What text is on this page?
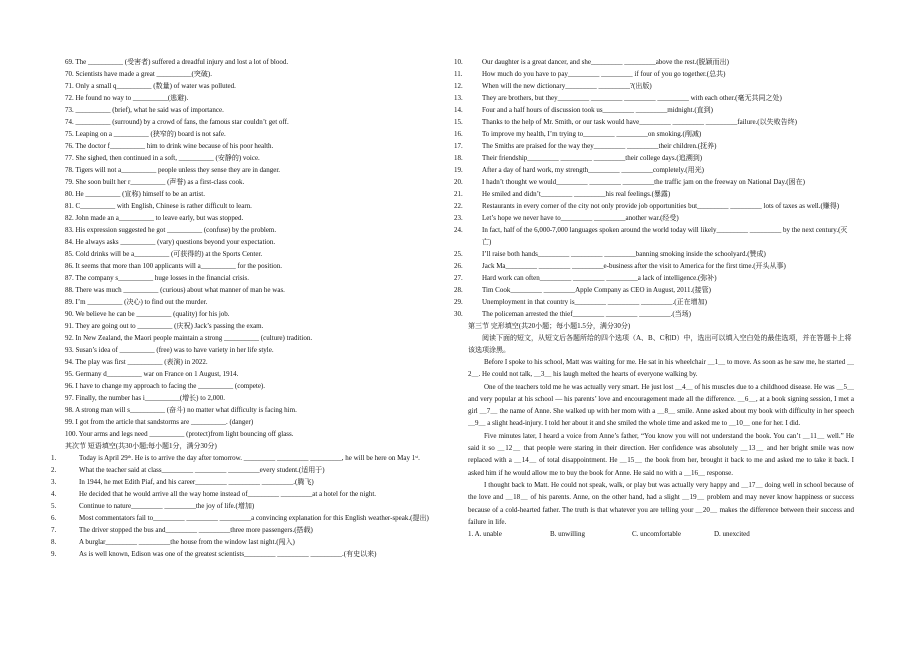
69. The __________ (受害者) suffered a dreadful injury and lost a lot of blood.
70. Scientists have made a great __________(突破).
71. Only a small q__________ (数量) of water was polluted.
72. He found no way to __________(逃避).
73. __________ (brief), what he said was of importance.
74. __________ (surround) by a crowd of fans, the famous star couldn’t get off.
75. Leaping on a __________ (狭窄的) board is not safe.
76. The doctor f__________ him to drink wine because of his poor health.
77. She sighed, then continued in a soft, __________ (安静的) voice.
78. Tigers will not a__________ people unless they sense they are in danger.
79. She soon built her r__________ (声誉) as a first-class cook.
80. He __________ (宣称) himself to be an artist.
81. C__________ with English, Chinese is rather difficult to learn.
82. John made an a__________ to leave early, but was stopped.
83. His expression suggested he got __________ (confuse) by the problem.
84. He always asks __________ (vary) questions beyond your expectation.
85. Cold drinks will be a__________ (可获得的) at the Sports Center.
86. It seems that more than 100 applicants will a__________ for the position.
87. The company s__________ huge losses in the financial crisis.
88. There was much __________ (curious) about what manner of man he was.
89. I’m __________ (决心) to find out the murder.
90. We believe he can be __________ (quality) for his job.
91. They are going out to __________ (庆祝) Jack’s passing the exam.
92. In New Zealand, the Maori people maintain a strong __________ (culture) tradition.
93. Susan’s idea of __________ (free) was to have variety in her life style.
94. The play was first __________ (表演) in 2022.
95. Germany d__________ war on France on 1 August, 1914.
96. I have to change my approach to facing the __________ (compete).
97. Finally, the number has i__________(增长) to 2,000.
98. A strong man will s__________ (奋斗) no matter what difficulty is facing him.
99. I got from the article that sandstorms are __________. (danger)
100. Your arms and legs need __________ (protect)from light bouncing off glass.
其次节 短语填空(共30小题;每小题1分，满分30分)
1.	Today is April 29ᵗʰ. He is to arrive the day after tomorrow. _________ _________ _________, he will be here on May 1ˢᵗ.
2.	What the teacher said at class_________ _________ _________every student.(适用于)
3.	In 1944, he met Edith Piaf, and his career_________ _________ _________.(腾飞)
4.	He decided that he would arrive all the way home instead of_________ _________at a hotel for the night.
5.	Continue to nature_________ _________the joy of life.(增加)
6.	Most commentators fail to_________ _________ _________a convincing explanation for this English weather-speak.(提出)
7.	The driver stopped the bus and_________ _________three more passengers.(搭载)
8.	A burglar_________ _________the house from the window last night.(闯入)
9.	As is well known, Edison was one of the greatest scientists_________ _________ _________.(有史以来)
10.	Our daughter is a great dancer, and she_________ _________above the rest.(脱颖而出)
11.	How much do you have to pay_________ _________ if four of you go together.(总共)
12.	When will the new dictionary_________ _________?(出版)
13.	They are brothers, but they_________ _________ _________ _________ with each other.(毫无共同之处)
14.	Four and a half hours of discussion took us_________ _________midnight.(直到)
15.	Thanks to the help of Mr. Smith, or our task would have_________ _________ _________failure.(以失败告终)
16.	To improve my health, I’m trying to_________ _________on smoking.(削减)
17.	The Smiths are praised for the way they_________ _________their children.(抚养)
18.	Their friendship_________ _________ _________their college days.(追溯到)
19.	After a day of hard work, my strength_________ _________completely.(用光)
20.	I hadn’t thought we would_________ _________ _________the traffic jam on the freeway on National Day.(困在)
21.	He smiled and didn’t_________ _________his real feelings.(暴露)
22.	Restaurants in every corner of the city not only provide job opportunities but_________ _________ lots of taxes as well.(赚得)
23.	Let’s hope we never have to_________ _________another war.(经受)
24.	In fact, half of the 6,000-7,000 languages spoken around the world today will likely_________ _________ by the next century.(灭亡)
25.	I’ll raise both hands_________ _________ _________banning smoking inside the schoolyard.(赞成)
26.	Jack Ma_________ _________ _________e-business after the visit to America for the first time.(开头从事)
27.	Hard work can often_________ _________ _________a lack of intelligence.(弥补)
28.	Tim Cook_________ _________Apple Company as CEO in August, 2011.(接管)
29.	Unemployment in that country is_________ _________ _________.(正在增加)
30.	The policeman arrested the thief_________ _________ _________.(当场)
第三节 完形填空(共20小题；每小题1.5分，满分30分)
阅读下面的短文，从短文后各题所给的四个选项（A、B、C和D）中，选出可以填入空白处的最佳选项，并在答题卡上将该选项涂黑。
Before I spoke to his school, Matt was waiting for me. He sat in his wheelchair ＿1＿ to move. As soon as he saw me, he started ＿2＿. He could not talk, ＿3＿ his laugh melted the hearts of everyone walking by.
One of the teachers told me he was actually very smart. He just lost ＿4＿ of his muscles due to a childhood disease. He was ＿5＿ and very popular at his school — his parents’ love and encouragement made all the difference. ＿6＿, at a book signing session, I met a girl ＿7＿ the name of Anne. She walked up with her mom with a ＿8＿ smile. Anne asked about my book with difficulty in her speech ＿9＿ a slight head-injury. I told her about it and she smiled the whole time and asked me to ＿10＿ one for her. I did.
Five minutes later, I heard a voice from Anne’s father, “You know you will not understand the book. You can’t ＿11＿ well.” He said it so ＿12＿ that people were staring in their direction. Her confidence was absolutely ＿13＿ and her bright smile was now replaced with a ＿14＿ of total disappointment. He ＿15＿ the book from her, brought it back to me and asked me to take it back. I asked him if he would allow me to buy the book for Anne. He said no with a ＿16＿ response.
I thought back to Matt. He could not speak, walk, or play but was actually very happy and ＿17＿ doing well in school because of the love and ＿18＿ of his parents. Anne, on the other hand, had a slight ＿19＿ problem and may never know happiness or success because of a cold-hearted father. The truth is that whatever you are telling your ＿20＿ makes the difference between their success and failure in life.
1. A. unable	B. unwilling	C. uncomfortable	D. unexcited
